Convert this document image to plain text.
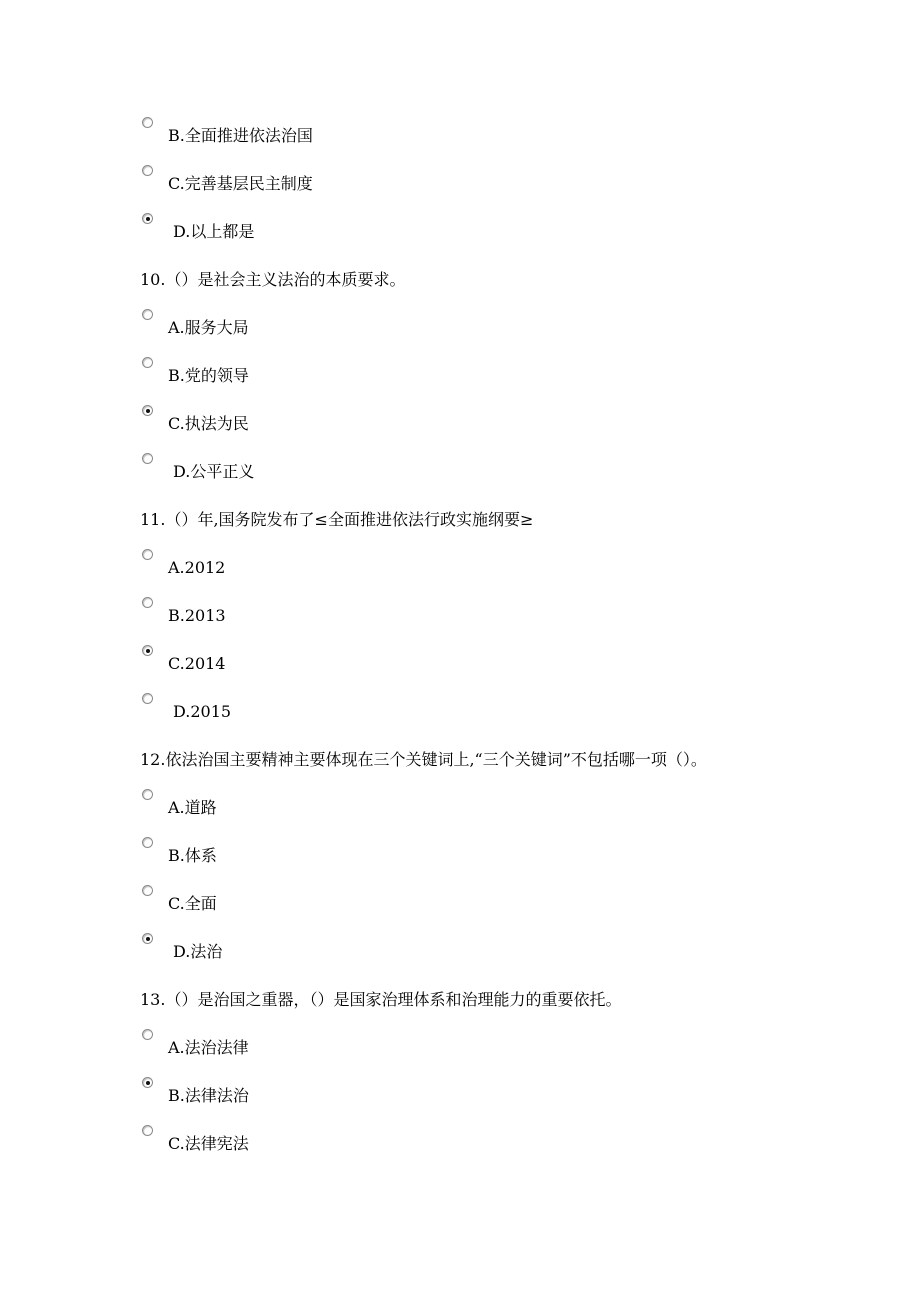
B.全面推进依法治国
C.完善基层民主制度
D.以上都是
10.（）是社会主义法治的本质要求。
A.服务大局
B.党的领导
C.执法为民
D.公平正义
11.（）年,国务院发布了≤全面推进依法行政实施纲要≥
A.2012
B.2013
C.2014
D.2015
12.依法治国主要精神主要体现在三个关键词上,“三个关键词”不包括哪一项（）。
A.道路
B.体系
C.全面
D.法治
13.（）是治国之重器，（）是国家治理体系和治理能力的重要依托。
A.法治法律
B.法律法治
C.法律宪法
